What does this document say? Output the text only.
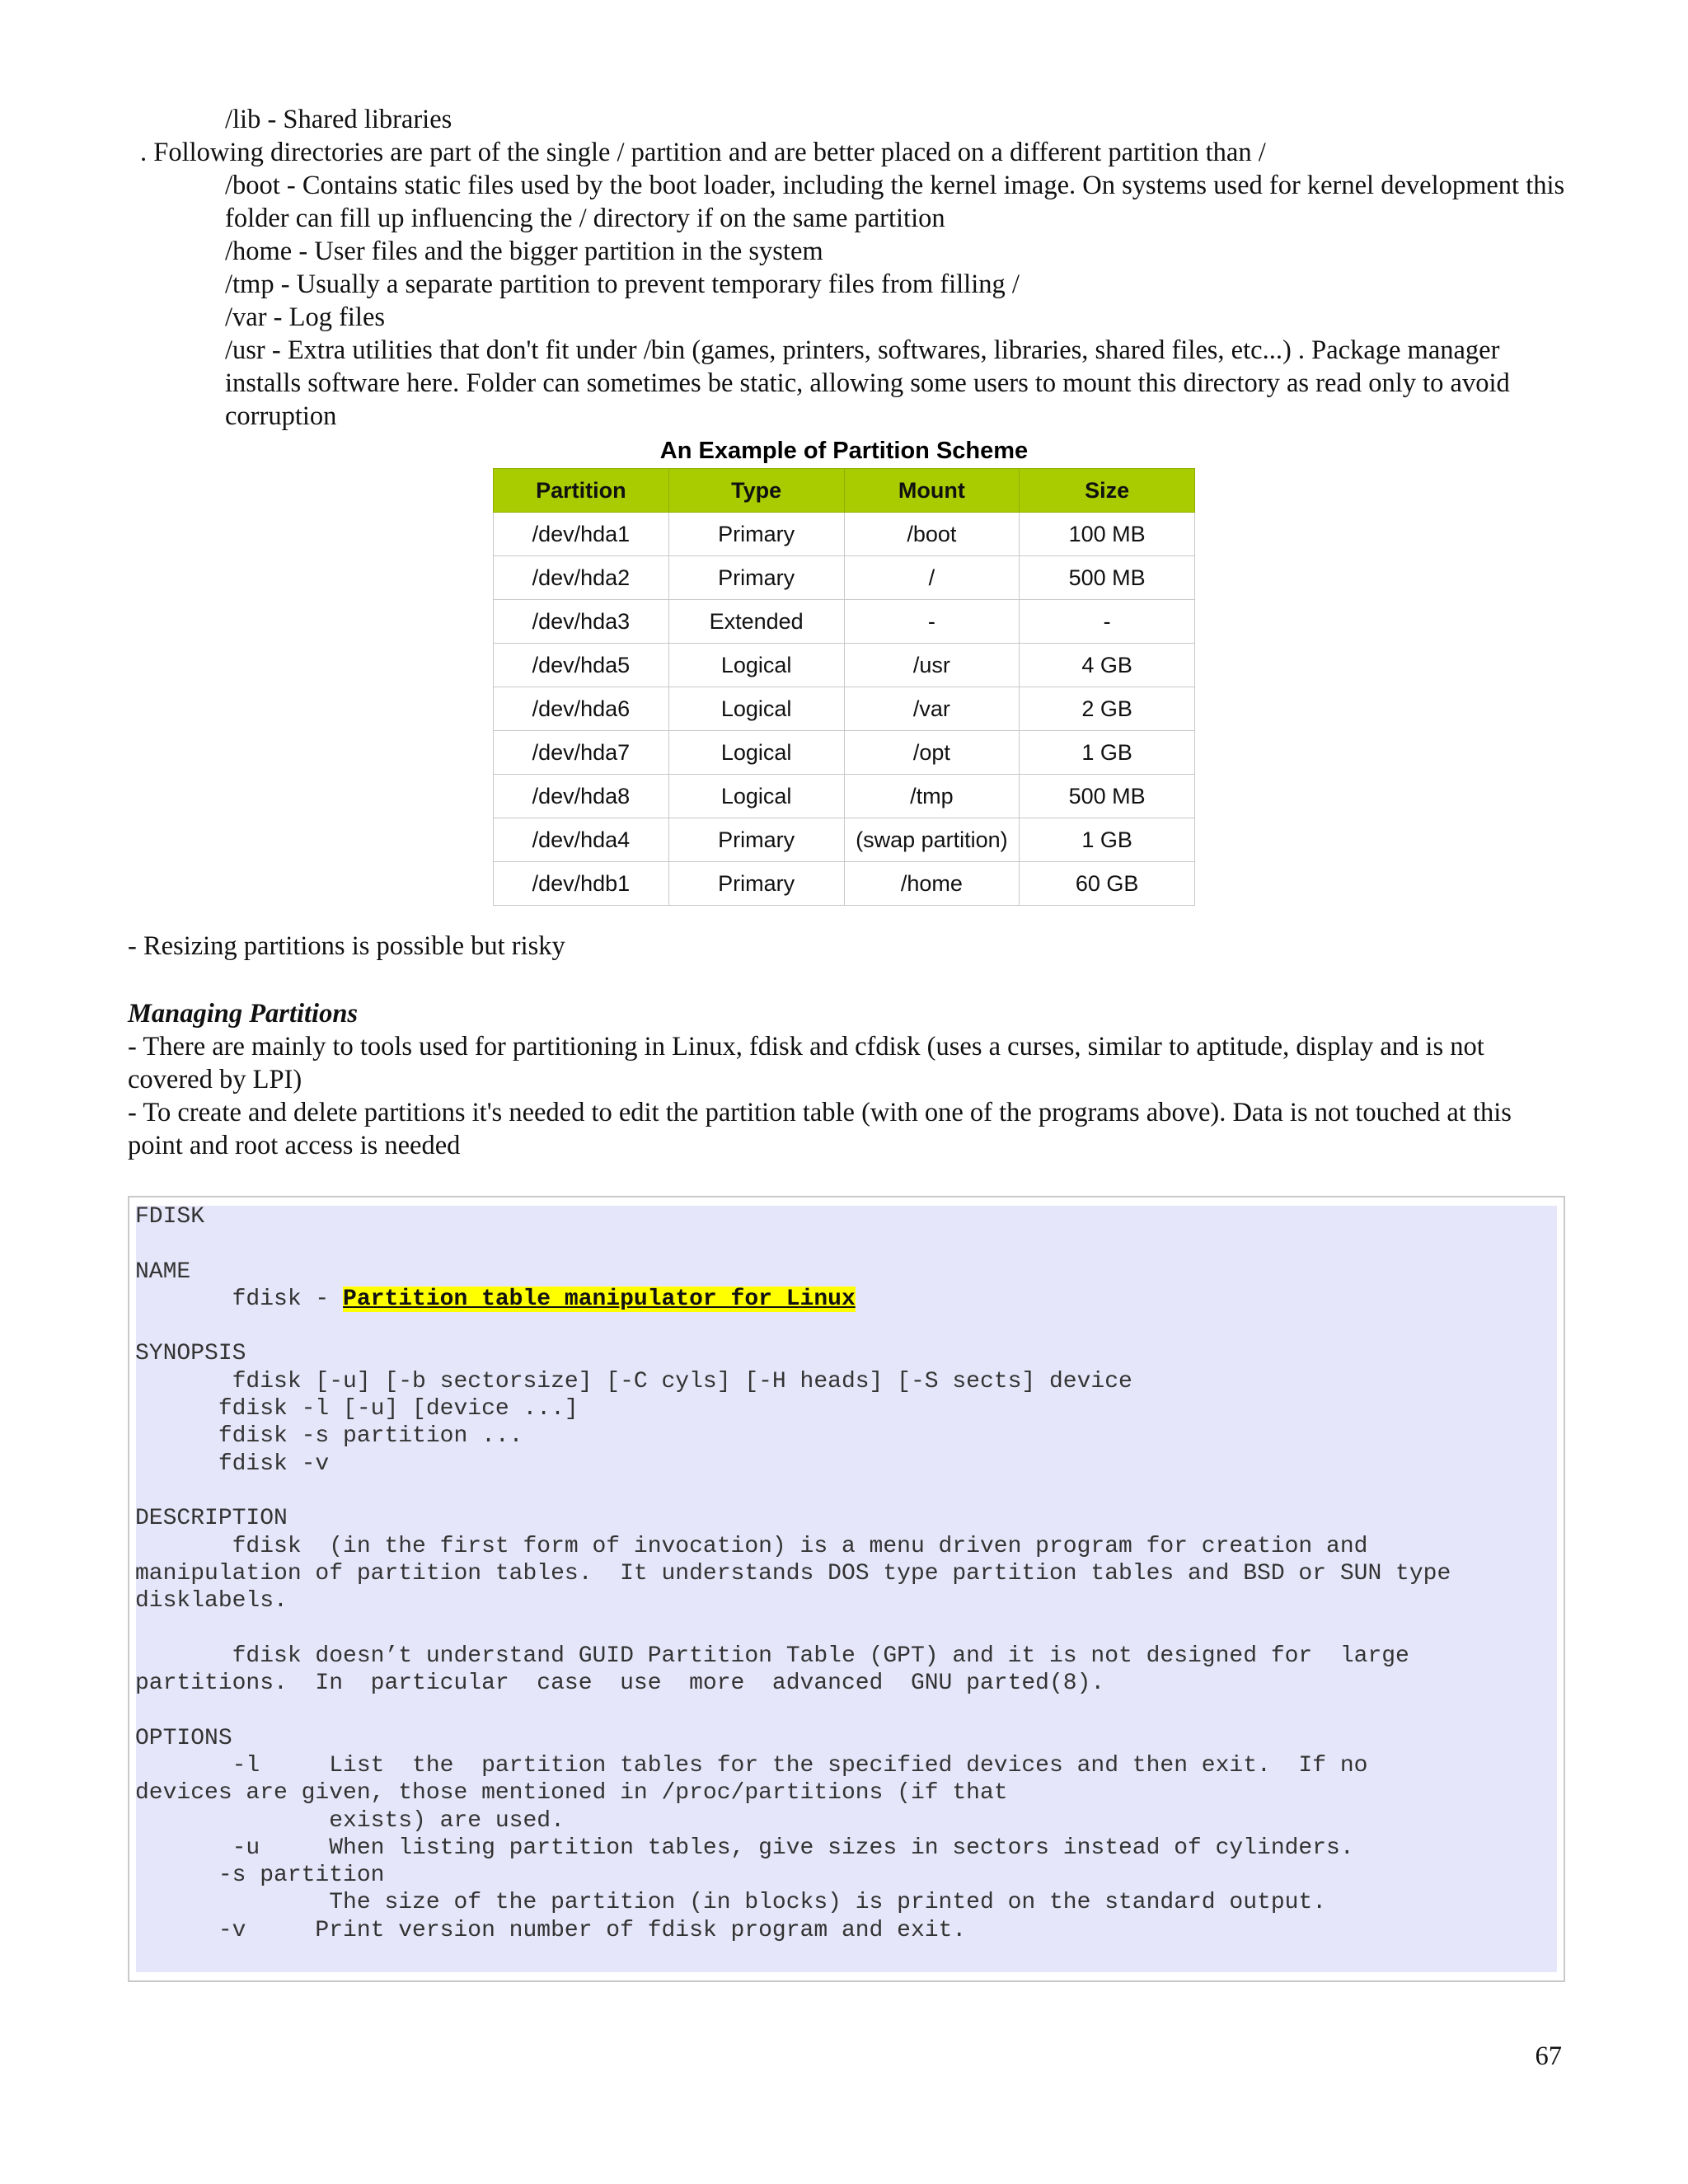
/lib - Shared libraries
. Following directories are part of the single / partition and are better placed on a different partition than /
/boot - Contains static files used by the boot loader, including the kernel image. On systems used for kernel development this folder can fill up influencing the / directory if on the same partition
/home - User files and the bigger partition in the system
/tmp - Usually a separate partition to prevent temporary files from filling /
/var - Log files
/usr - Extra utilities that don't fit under /bin (games, printers, softwares, libraries, shared files, etc...) . Package manager installs software here. Folder can sometimes be static, allowing some users to mount this directory as read only to avoid corruption
An Example of Partition Scheme
Partition	Type	Mount	Size
/dev/hda1	Primary	/boot	100 MB
/dev/hda2	Primary	/	500 MB
/dev/hda3	Extended	-	-
/dev/hda5	Logical	/usr	4 GB
/dev/hda6	Logical	/var	2 GB
/dev/hda7	Logical	/opt	1 GB
/dev/hda8	Logical	/tmp	500 MB
/dev/hda4	Primary	(swap partition)	1 GB
/dev/hdb1	Primary	/home	60 GB
- Resizing partitions is possible but risky
Managing Partitions
- There are mainly to tools used for partitioning in Linux, fdisk and cfdisk (uses a curses, similar to aptitude, display and is not covered by LPI)
- To create and delete partitions it's needed to edit the partition table (with one of the programs above). Data is not touched at this point and root access is needed
FDISK

NAME
fdisk - Partition table manipulator for Linux

SYNOPSIS
fdisk [-u] [-b sectorsize] [-C cyls] [-H heads] [-S sects] device
fdisk -l [-u] [device ...]
fdisk -s partition ...
fdisk -v

DESCRIPTION
fdisk  (in the first form of invocation) is a menu driven program for creation and
manipulation of partition tables.  It understands DOS type partition tables and BSD or SUN type
disklabels.

fdisk doesn’t understand GUID Partition Table (GPT) and it is not designed for  large
partitions.  In  particular  case  use  more  advanced  GNU parted(8).

OPTIONS
-l     List  the  partition tables for the specified devices and then exit.  If no
devices are given, those mentioned in /proc/partitions (if that
exists) are used.
-u     When listing partition tables, give sizes in sectors instead of cylinders.
-s partition
The size of the partition (in blocks) is printed on the standard output.
-v     Print version number of fdisk program and exit.
67
